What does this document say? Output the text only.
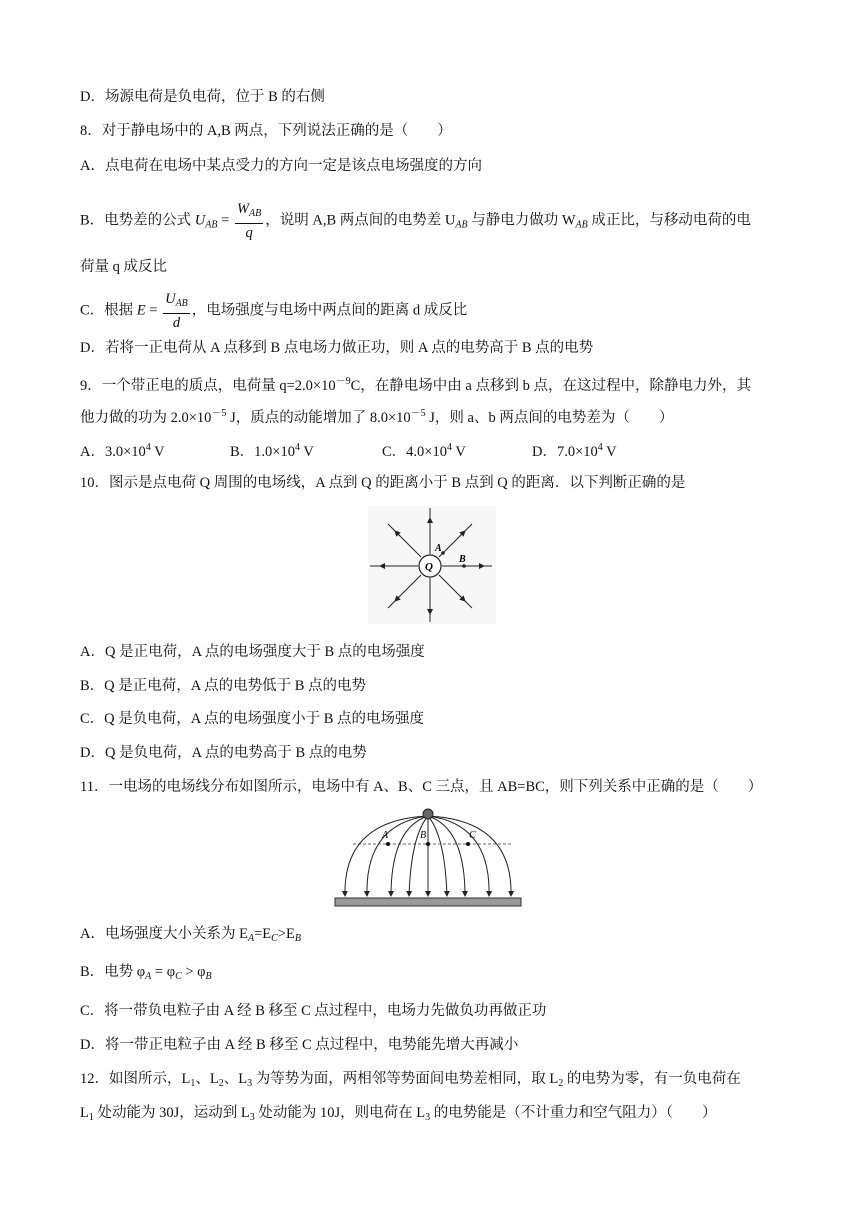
D．场源电荷是负电荷，位于 B 的右侧
8．对于静电场中的 A,B 两点，下列说法正确的是（　　）
A．点电荷在电场中某点受力的方向一定是该点电场强度的方向
B．电势差的公式 $U_{AB} = \frac{W_{AB}}{q}$ ，说明 A,B 两点间的电势差 $U_{AB}$ 与静电力做功 $W_{AB}$ 成正比，与移动电荷的电
荷量 q 成反比
C．根据 $E = \frac{U_{AB}}{d}$ ，电场强度与电场中两点间的距离 d 成反比
D．若将一正电荷从 A 点移到 B 点电场力做正功，则 A 点的电势高于 B 点的电势
9．一个带正电的质点，电荷量 $q=2.0\times 10^{-9}C$，在静电场中由 a 点移到 b 点，在这过程中，除静电力外，其
他力做的功为 $2.0\times 10^{-5}$ J，质点的动能增加了 $8.0\times 10^{-5}$ J，则 a、b 两点间的电势差为（　　）
A．$3.0\times 10^4$ V	B．$1.0\times 10^4$ V	C．$4.0\times 10^4$ V	D．$7.0\times 10^4$ V
10．图示是点电荷 Q 周围的电场线，A 点到 Q 的距离小于 B 点到 Q 的距离．以下判断正确的是
Q
A
B
A．Q 是正电荷，A 点的电场强度大于 B 点的电场强度
B．Q 是正电荷，A 点的电势低于 B 点的电势
C．Q 是负电荷，A 点的电场强度小于 B 点的电场强度
D．Q 是负电荷，A 点的电势高于 B 点的电势
11．一电场的电场线分布如图所示，电场中有 A、B、C 三点，且 AB=BC，则下列关系中正确的是（　　）
A	B	C
A．电场强度大小关系为 $E_A=E_C>E_B$
B．电势 $\varphi_A = \varphi_C > \varphi_B$
C．将一带负电粒子由 A 经 B 移至 C 点过程中，电场力先做负功再做正功
D．将一带正电粒子由 A 经 B 移至 C 点过程中，电势能先增大再减小
12．如图所示，$L_1$、$L_2$、$L_3$ 为等势为面，两相邻等势面间电势差相同，取 $L_2$ 的电势为零，有一负电荷在
$L_1$ 处动能为 30J，运动到 $L_3$ 处动能为 10J，则电荷在 $L_3$ 的电势能是（不计重力和空气阻力）（　　）
